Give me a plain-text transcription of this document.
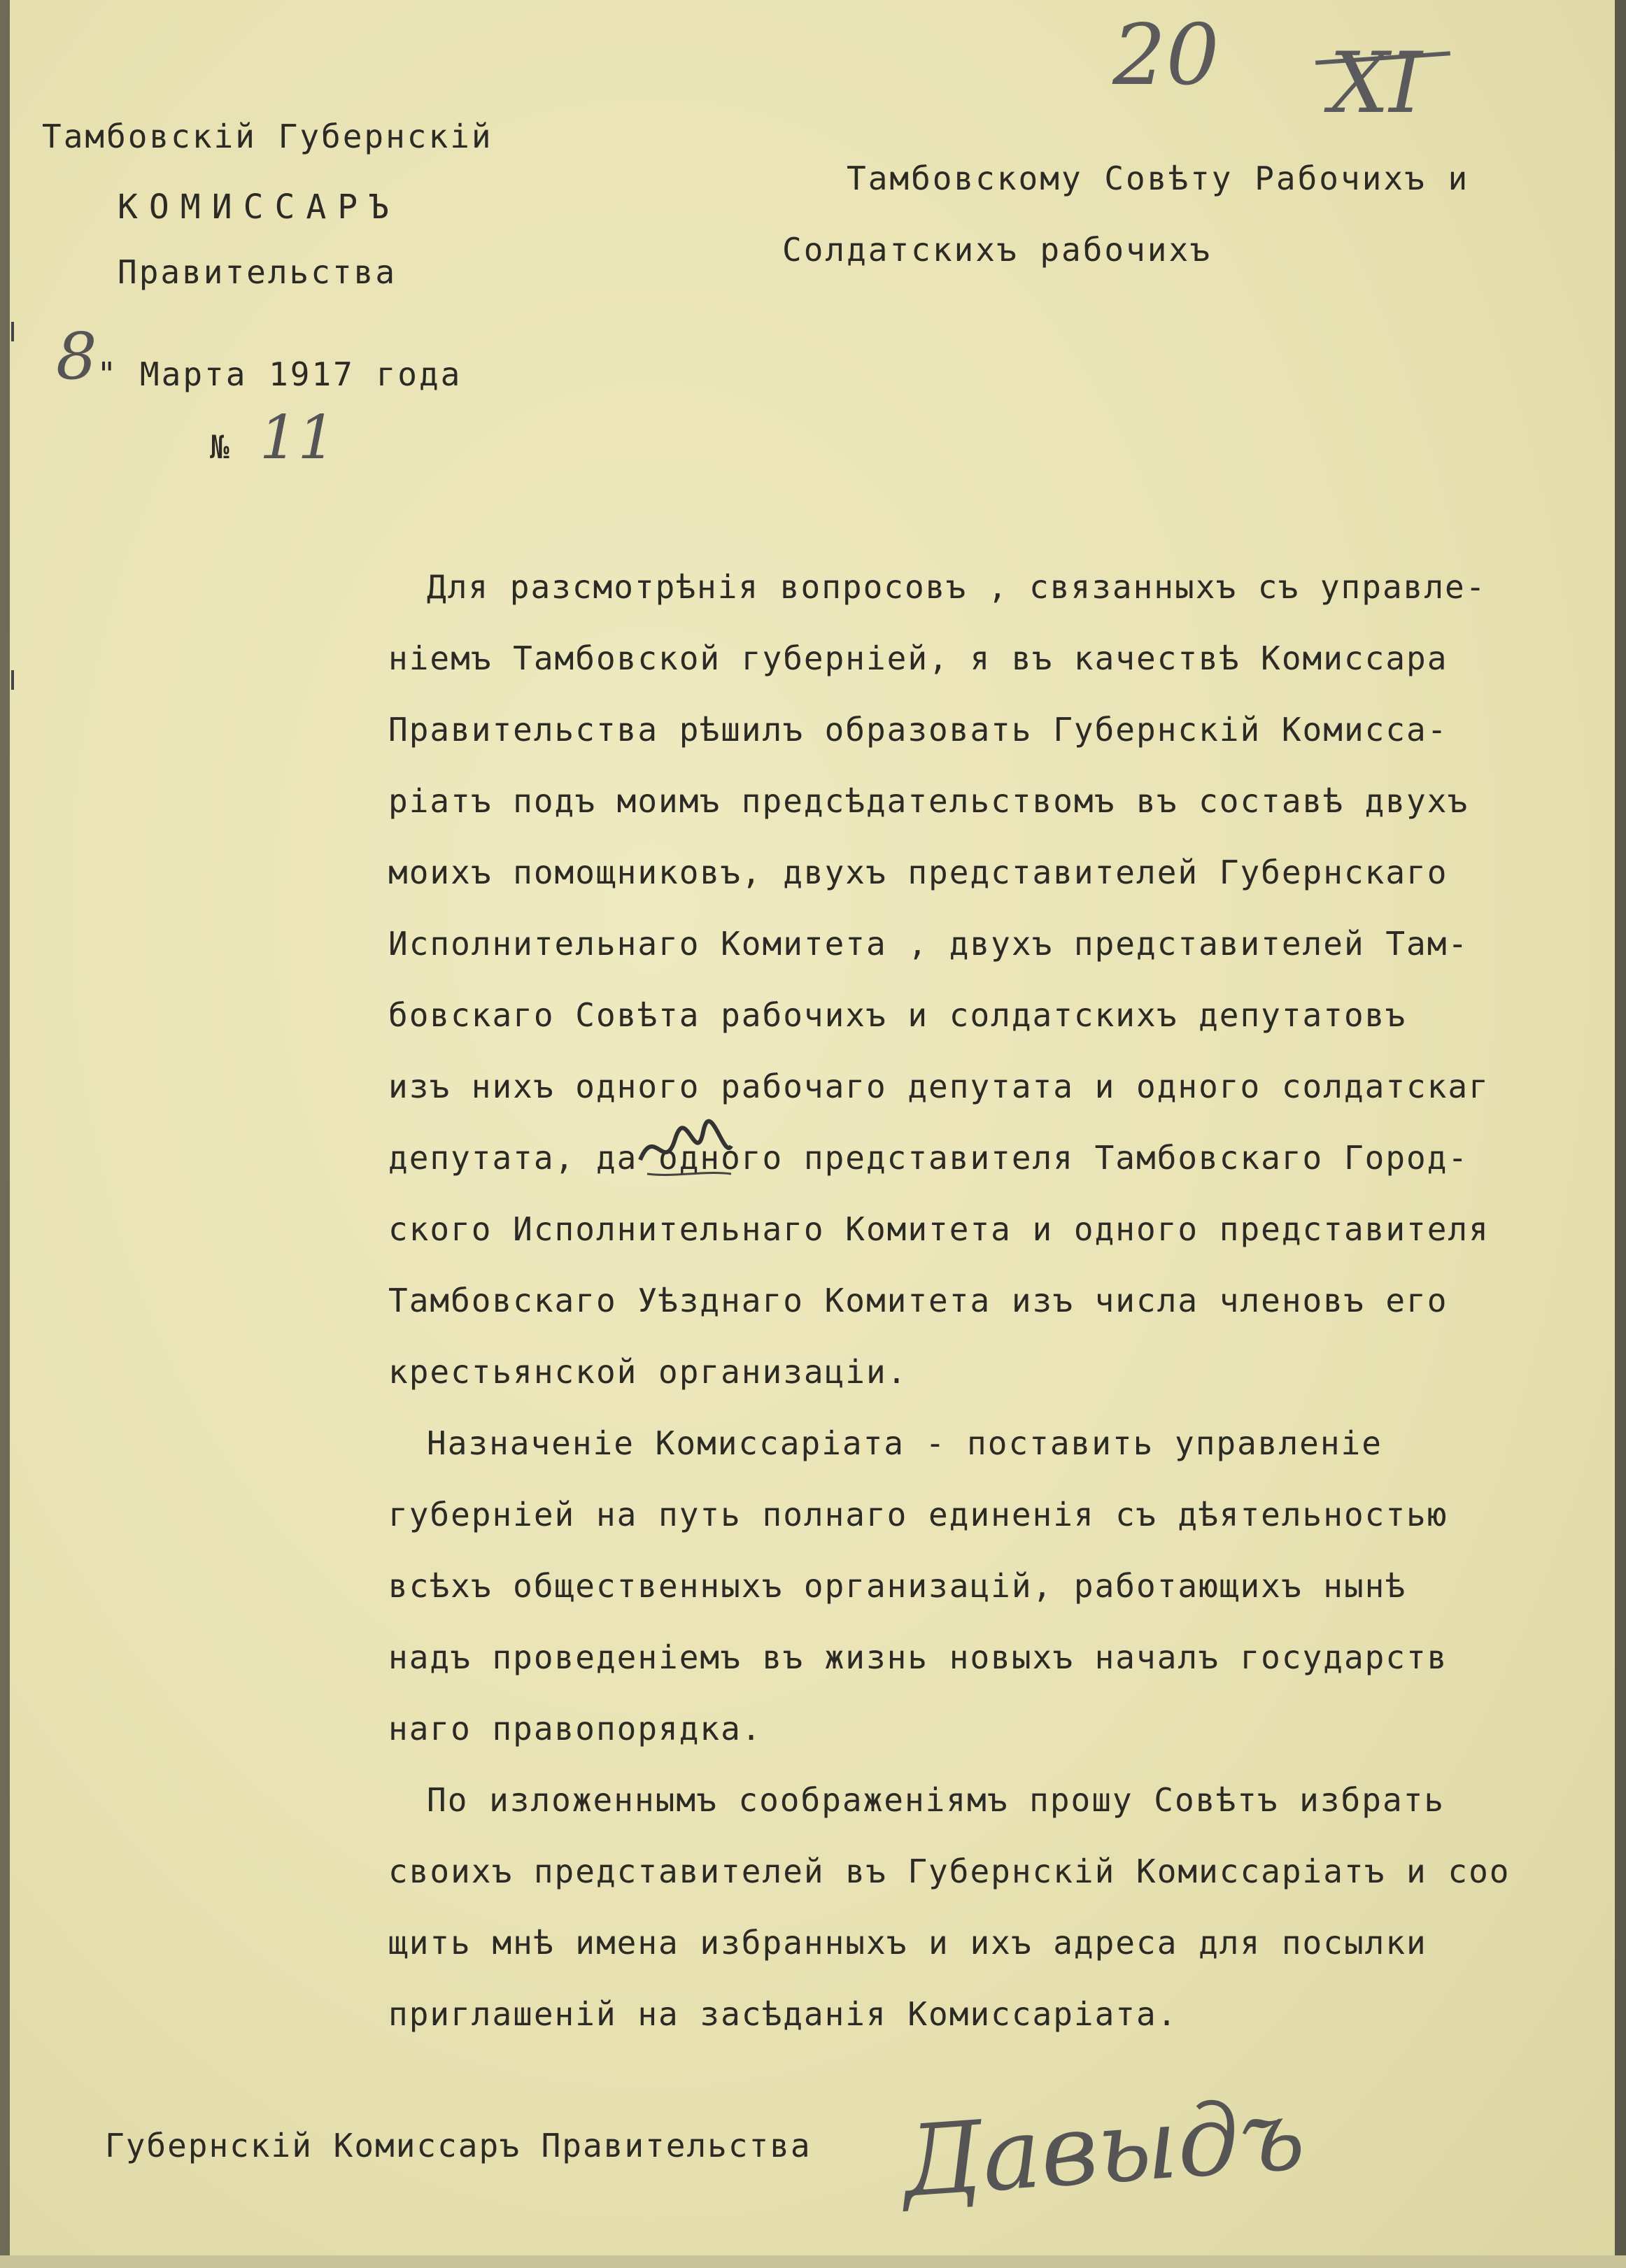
20 XI
Тамбовскій Губернскій
КОМИССАРЪ
Правительства
8" Марта 1917 года
№ 11
Тамбовскому Совѣту Рабочихъ и
Солдатскихъ рабочихъ
Для разсмотрѣнія вопросовъ , связанныхъ съ управле-
ніемъ Тамбовской губерніей, я въ качествѣ Комиссара
Правительства рѣшилъ образовать Губернскій Комисса-
ріатъ подъ моимъ предсѣдательствомъ въ составѣ двухъ
моихъ помощниковъ, двухъ представителей Губернскаго
Исполнительнаго Комитета , двухъ представителей Там-
бовскаго Совѣта рабочихъ и солдатскихъ депутатовъ
изъ нихъ одного рабочаго депутата и одного солдатскаг
депутата, да одного представителя Тамбовскаго Город-
ского Исполнительнаго Комитета и одного представителя
Тамбовскаго Уѣзднаго Комитета изъ числа членовъ его
крестьянской организаціи.
Назначеніе Комиссаріата - поставить управленіе
губерніей на путь полнаго единенія съ дѣятельностью
всѣхъ общественныхъ организацій, работающихъ нынѣ
надъ проведеніемъ въ жизнь новыхъ началъ государств
наго правопорядка.
По изложеннымъ соображеніямъ прошу Совѣтъ избрать
своихъ представителей въ Губернскій Комиссаріатъ и соо
щить мнѣ имена избранныхъ и ихъ адреса для посылки
приглашеній на засѣданія Комиссаріата.
Губернскій Комиссаръ Правительства Давыдъ
